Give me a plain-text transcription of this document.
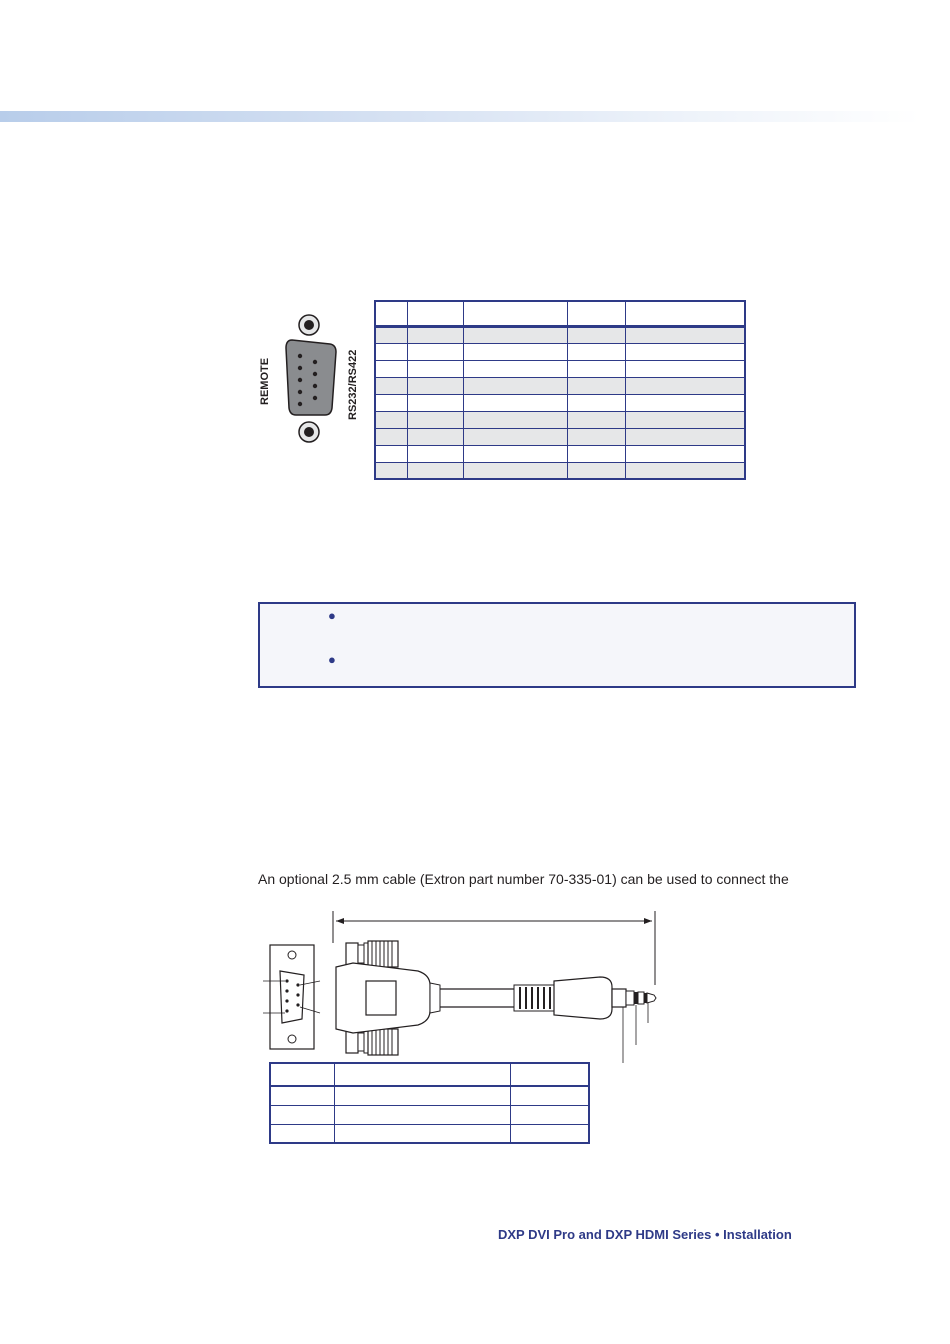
REMOTE	RS232/RS422

●
●
An optional 2.5 mm cable (Extron part number 70-335-01) can be used to connect the

DXP DVI Pro and DXP HDMI Series • Installation
